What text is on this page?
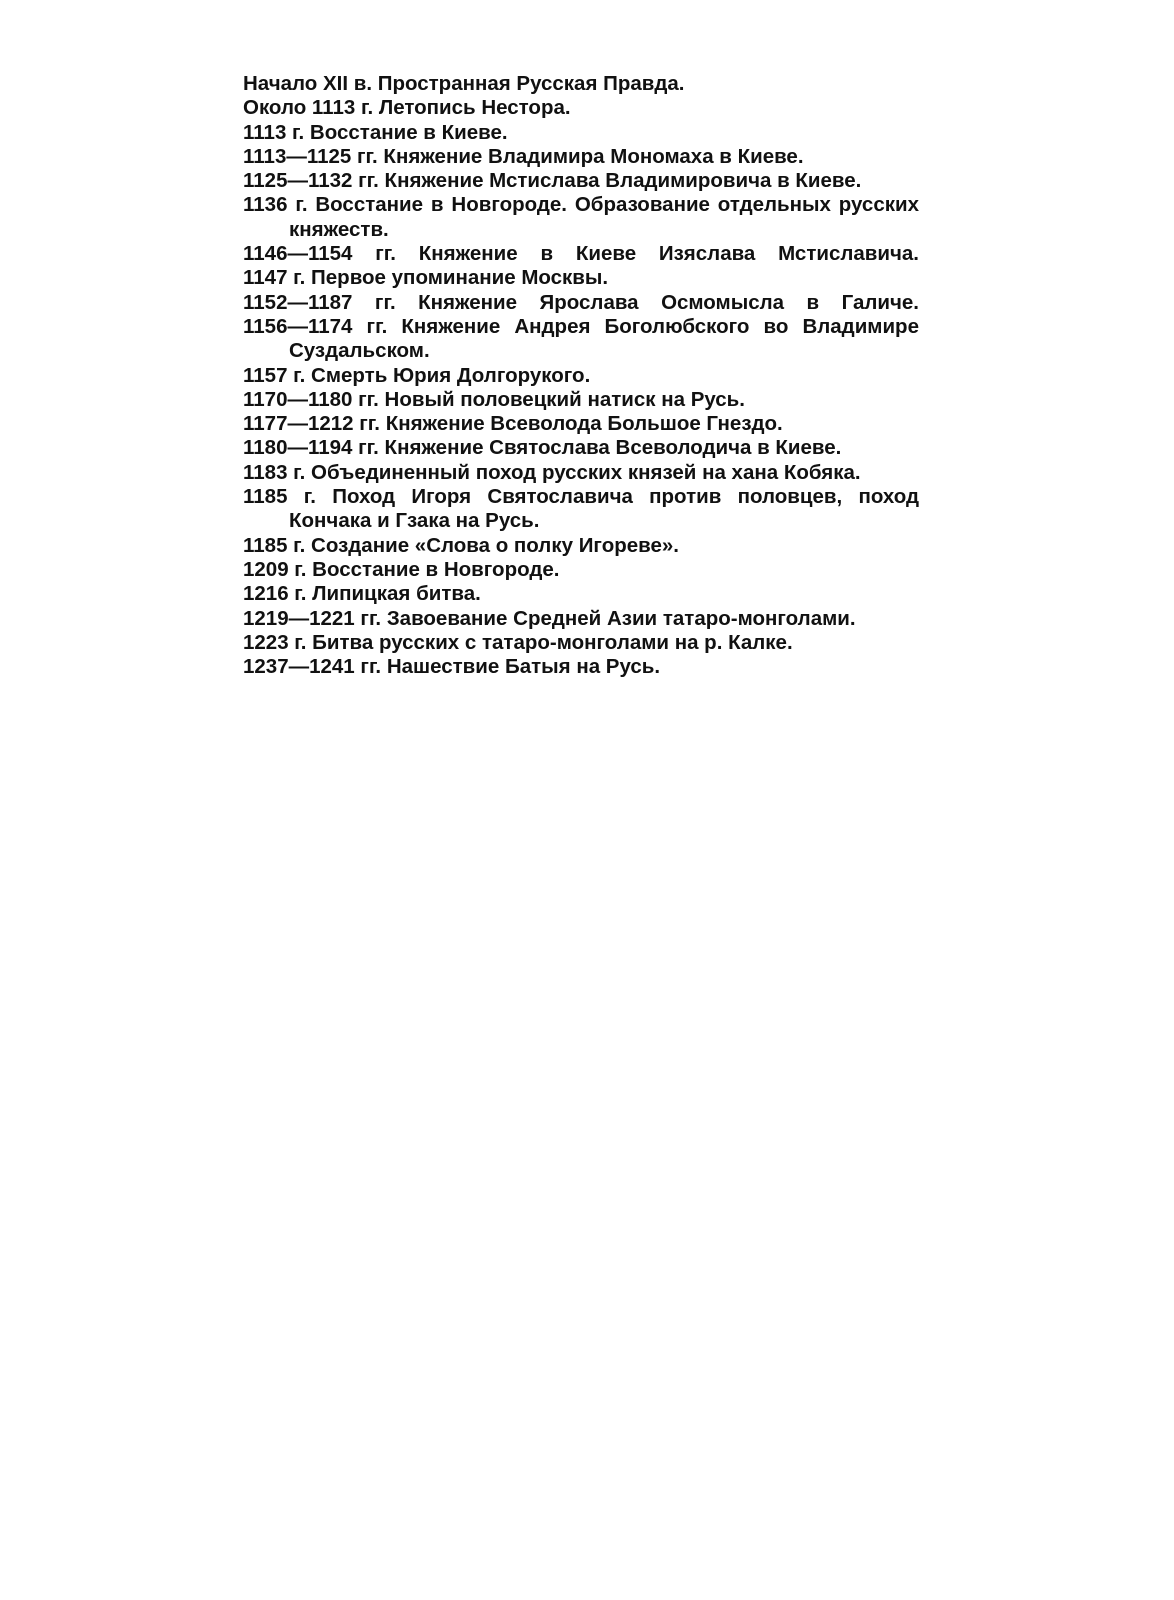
Начало XII в. Пространная Русская Правда.
Около 1113 г. Летопись Нестора.
1113 г. Восстание в Киеве.
1113—1125 гг. Княжение Владимира Мономаха в Киеве.
1125—1132 гг. Княжение Мстислава Владимировича в Киеве.
1136 г. Восстание в Новгороде. Образование отдельных русских княжеств.
1146—1154 гг. Княжение в Киеве Изяслава Мстиславича.
1147 г. Первое упоминание Москвы.
1152—1187 гг. Княжение Ярослава Осмомысла в Галиче.
1156—1174 гг. Княжение Андрея Боголюбского во Владимире Суздальском.
1157 г. Смерть Юрия Долгорукого.
1170—1180 гг. Новый половецкий натиск на Русь.
1177—1212 гг. Княжение Всеволода Большое Гнездо.
1180—1194 гг. Княжение Святослава Всеволодича в Киеве.
1183 г. Объединенный поход русских князей на хана Кобяка.
1185 г. Поход Игоря Святославича против половцев, поход Кончака и Гзака на Русь.
1185 г. Создание «Слова о полку Игореве».
1209 г. Восстание в Новгороде.
1216 г. Липицкая битва.
1219—1221 гг. Завоевание Средней Азии татаро-монголами.
1223 г. Битва русских с татаро-монголами на р. Калке.
1237—1241 гг. Нашествие Батыя на Русь.
